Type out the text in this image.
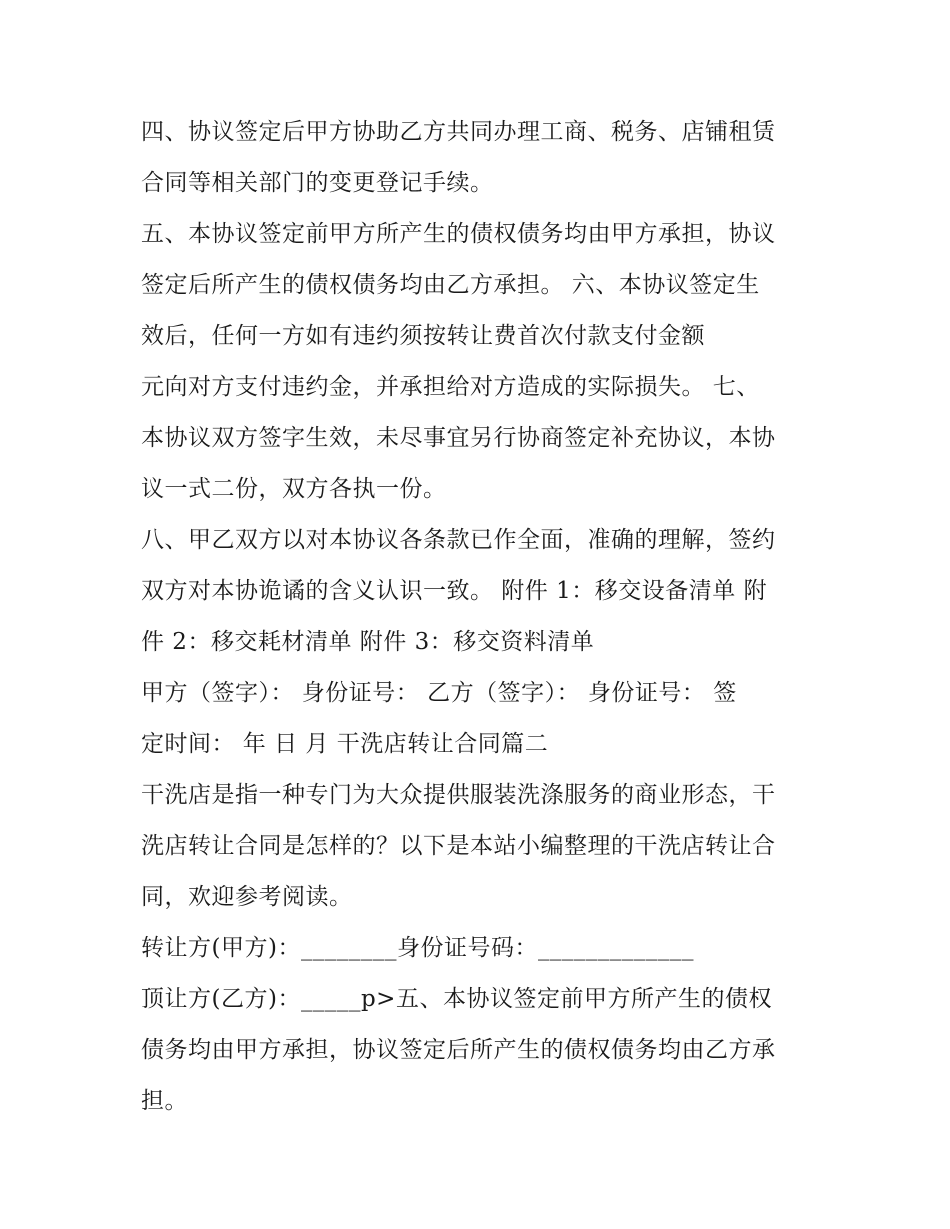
四、协议签定后甲方协助乙方共同办理工商、税务、店铺租赁
合同等相关部门的变更登记手续。
五、本协议签定前甲方所产生的债权债务均由甲方承担，协议
签定后所产生的债权债务均由乙方承担。 六、本协议签定生
效后，任何一方如有违约须按转让费首次付款支付金额
元向对方支付违约金，并承担给对方造成的实际损失。 七、
本协议双方签字生效，未尽事宜另行协商签定补充协议，本协
议一式二份，双方各执一份。
八、甲乙双方以对本协议各条款已作全面，准确的理解，签约
双方对本协诡谲的含义认识一致。 附件 1：移交设备清单 附
件 2：移交耗材清单 附件 3：移交资料清单
甲方（签字）： 身份证号： 乙方（签字）： 身份证号： 签
定时间： 年 日 月 干洗店转让合同篇二
干洗店是指一种专门为大众提供服装洗涤服务的商业形态，干
洗店转让合同是怎样的？以下是本站小编整理的干洗店转让合
同，欢迎参考阅读。
转让方(甲方)：________身份证号码：_____________
顶让方(乙方)：_____p>五、本协议签定前甲方所产生的债权
债务均由甲方承担，协议签定后所产生的债权债务均由乙方承
担。
